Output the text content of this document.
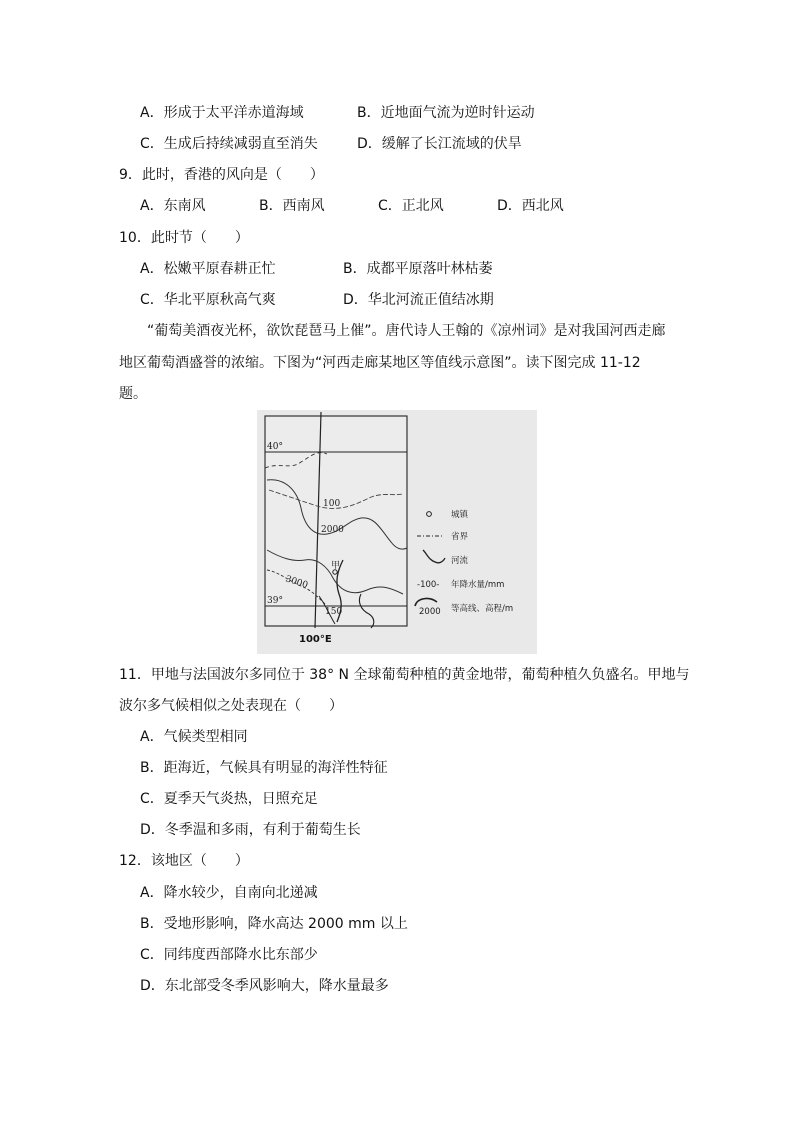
A．形成于太平洋赤道海域	B．近地面气流为逆时针运动
C．生成后持续减弱直至消失	D．缓解了长江流域的伏旱
9．此时，香港的风向是（　　）
A．东南风	B．西南风	C．正北风	D．西北风
10．此时节（　　）
A．松嫩平原春耕正忙	B．成都平原落叶林枯萎
C．华北平原秋高气爽	D．华北河流正值结冰期
“葡萄美酒夜光杯，欲饮琵琶马上催”。唐代诗人王翰的《凉州词》是对我国河西走廊
地区葡萄酒盛誉的浓缩。下图为“河西走廊某地区等值线示意图”。读下图完成 11-12
题。
40°
39°
100
2000
3000
150
甲
100°E
城镇
省界
河流
-100- 年降水量/mm
2000 等高线、高程/m
11．甲地与法国波尔多同位于 38° N 全球葡萄种植的黄金地带，葡萄种植久负盛名。甲地与
波尔多气候相似之处表现在（　　）
A．气候类型相同
B．距海近，气候具有明显的海洋性特征
C．夏季天气炎热，日照充足
D．冬季温和多雨，有利于葡萄生长
12．该地区（　　）
A．降水较少，自南向北递减
B．受地形影响，降水高达 2000 mm 以上
C．同纬度西部降水比东部少
D．东北部受冬季风影响大，降水量最多
